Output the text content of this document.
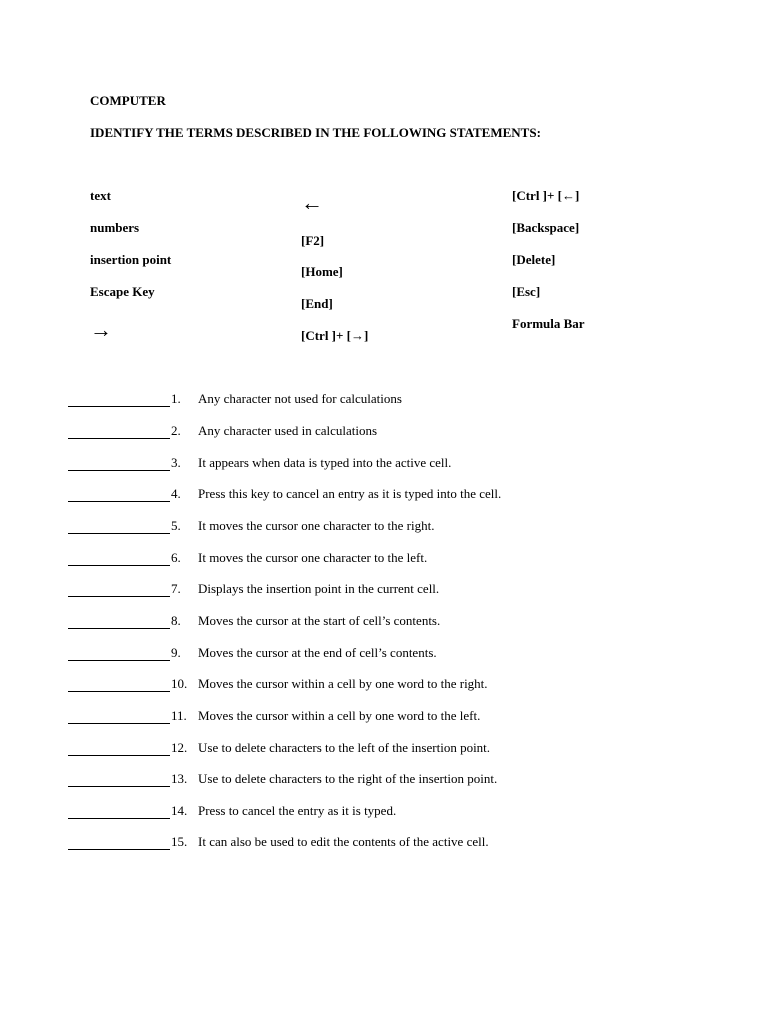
COMPUTER
IDENTIFY THE TERMS DESCRIBED IN THE FOLLOWING STATEMENTS:
text
numbers
insertion point
Escape Key
→
←
[F2]
[Home]
[End]
[Ctrl ]+ [→]
[Ctrl ]+ [←]
[Backspace]
[Delete]
[Esc]
Formula Bar
1. Any character not used for calculations
2. Any character used in calculations
3. It appears when data is typed into the active cell.
4. Press this key to cancel an entry as it is typed into the cell.
5. It moves the cursor one character to the right.
6. It moves the cursor one character to the left.
7. Displays the insertion point in the current cell.
8. Moves the cursor at the start of cell’s contents.
9. Moves the cursor at the end of cell’s contents.
10. Moves the cursor within a cell by one word to the right.
11. Moves the cursor within a cell by one word to the left.
12. Use to delete characters to the left of the insertion point.
13. Use to delete characters to the right of the insertion point.
14. Press to cancel the entry as it is typed.
15. It can also be used to edit the contents of the active cell.
